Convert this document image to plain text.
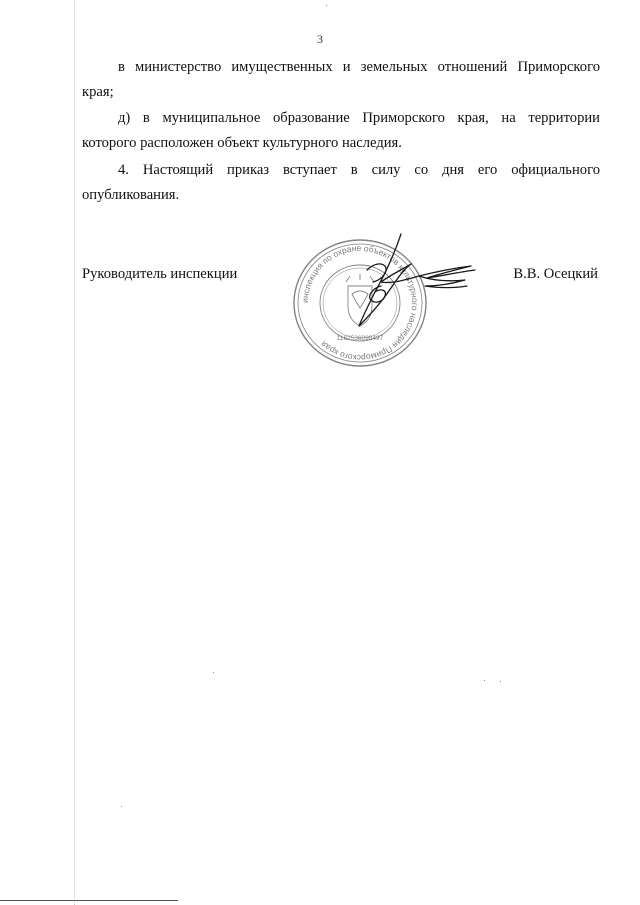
3
в министерство имущественных и земельных отношений Приморского
края;
д) в муниципальное образование Приморского края, на территории
которого расположен объект культурного наследия.
4. Настоящий приказ вступает в силу со дня его официального
опубликования.
Руководитель инспекции
инспекция по охране объектов культурного наследия Приморского края
1162536098497
В.В. Осецкий
